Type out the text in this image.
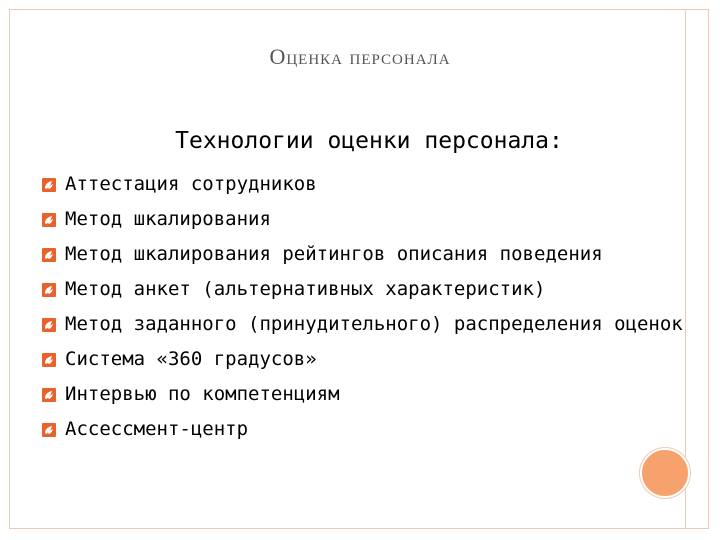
Оценка персонала
Технологии оценки персонала:
Аттестация сотрудников
Метод шкалирования
Метод шкалирования рейтингов описания поведения
Метод анкет (альтернативных характеристик)
Метод заданного (принудительного) распределения оценок
Система «360 градусов»
Интервью по компетенциям
Ассессмент-центр
